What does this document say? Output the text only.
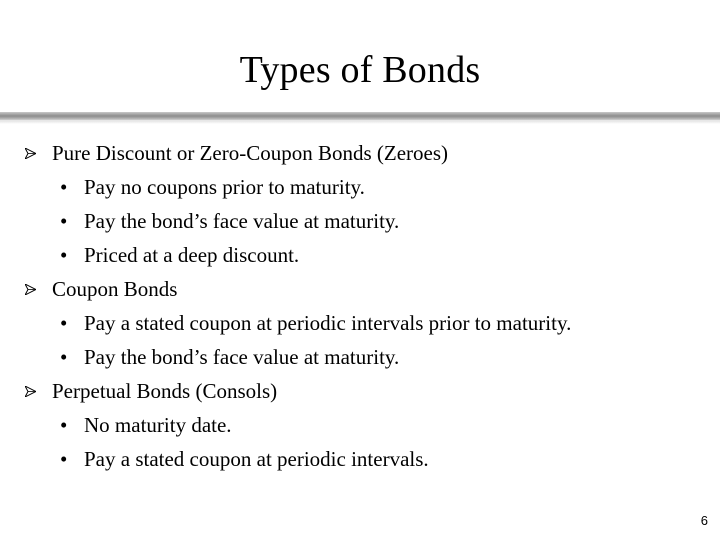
Types of Bonds
Pure Discount or Zero-Coupon Bonds (Zeroes)
• Pay no coupons prior to maturity.
• Pay the bond’s face value at maturity.
• Priced at a deep discount.
Coupon Bonds
• Pay a stated coupon at periodic intervals prior to maturity.
• Pay the bond’s face value at maturity.
Perpetual Bonds (Consols)
• No maturity date.
• Pay a stated coupon at periodic intervals.
6
